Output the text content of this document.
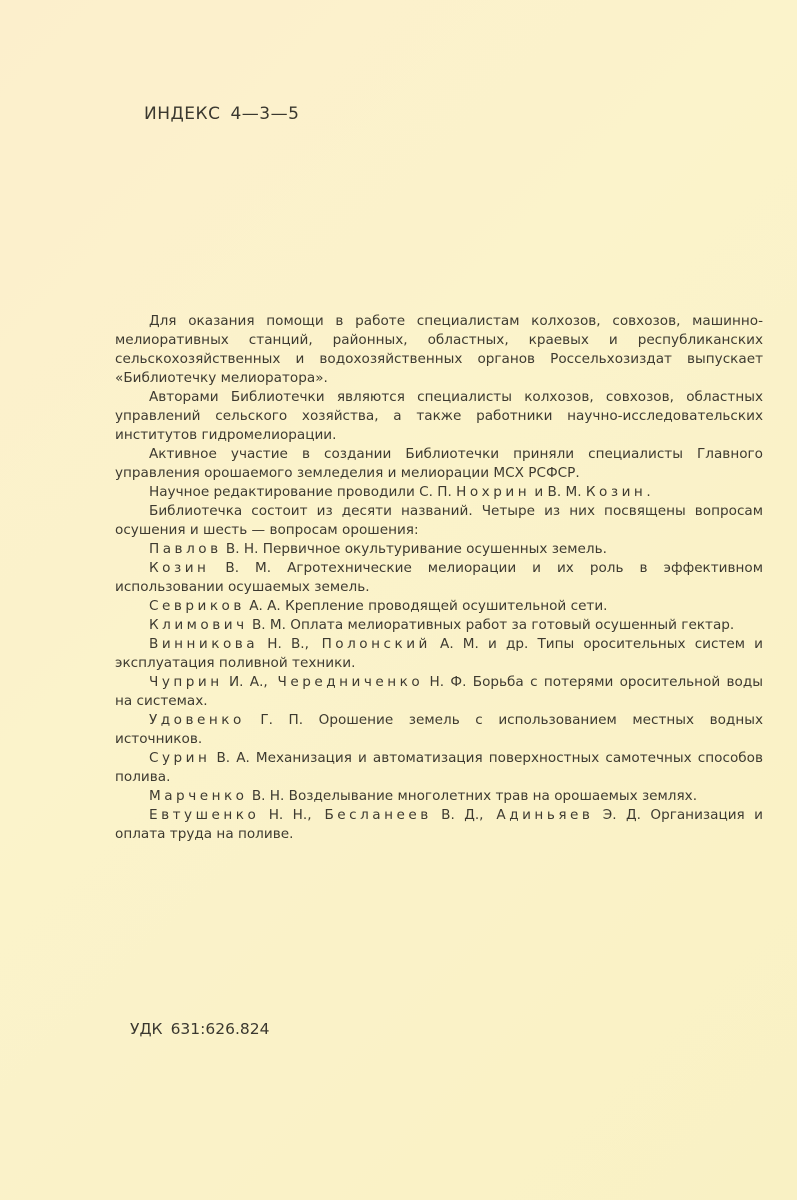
ИНДЕКС 4—3—5

Для оказания помощи в работе специалистам колхозов, совхозов, машинно-мелиоративных станций, районных, областных, краевых и республиканских сельскохозяйственных и водохозяйственных органов Россельхозиздат выпускает «Библиотечку мелиоратора».

Авторами Библиотечки являются специалисты колхозов, совхозов, областных управлений сельского хозяйства, а также работники научно-исследовательских институтов гидромелиорации.

Активное участие в создании Библиотечки приняли специалисты Главного управления орошаемого земледелия и мелиорации МСХ РСФСР.

Научное редактирование проводили С. П. Нохрин и В. М. Козин.

Библиотечка состоит из десяти названий. Четыре из них посвящены вопросам осушения и шесть — вопросам орошения:

Павлов В. Н. Первичное окультуривание осушенных земель.

Козин В. М. Агротехнические мелиорации и их роль в эффективном использовании осушаемых земель.

Севриков А. А. Крепление проводящей осушительной сети.

Климович В. М. Оплата мелиоративных работ за готовый осушенный гектар.

Винникова Н. В., Полонский А. М. и др. Типы оросительных систем и эксплуатация поливной техники.

Чуприн И. А., Чередниченко Н. Ф. Борьба с потерями оросительной воды на системах.

Удовенко Г. П. Орошение земель с использованием местных водных источников.

Сурин В. А. Механизация и автоматизация поверхностных самотечных способов полива.

Марченко В. Н. Возделывание многолетних трав на орошаемых землях.

Евтушенко Н. Н., Бесланеев В. Д., Адиньяев Э. Д. Организация и оплата труда на поливе.

УДК 631:626.824
